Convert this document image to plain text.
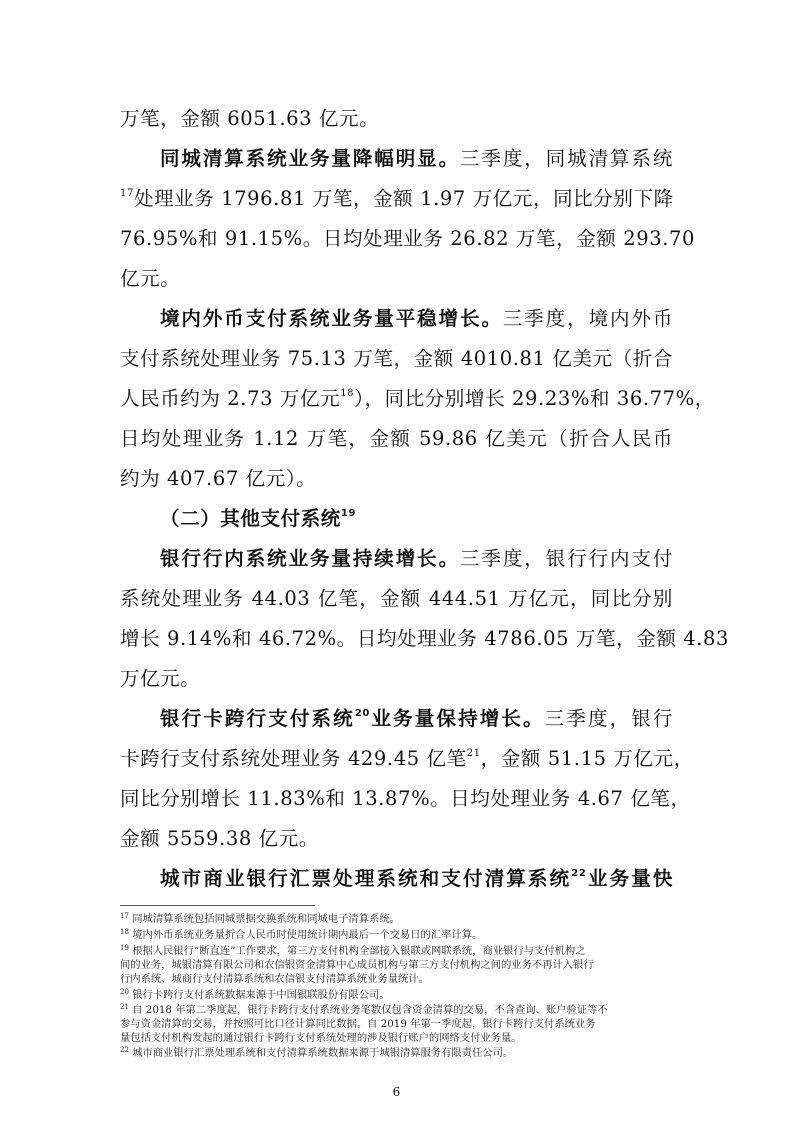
万笔，金额 6051.63 亿元。
同城清算系统业务量降幅明显。三季度，同城清算系统
$^{17}$处理业务 1796.81 万笔，金额 1.97 万亿元，同比分别下降
76.95%和 91.15%。日均处理业务 26.82 万笔，金额 293.70
亿元。
境内外币支付系统业务量平稳增长。三季度，境内外币
支付系统处理业务 75.13 万笔，金额 4010.81 亿美元（折合
人民币约为 2.73 万亿元$^{18}$），同比分别增长 29.23%和 36.77%，
日均处理业务 1.12 万笔，金额 59.86 亿美元（折合人民币
约为 407.67 亿元）。
（二）其他支付系统$^{19}$
银行行内系统业务量持续增长。三季度，银行行内支付
系统处理业务 44.03 亿笔，金额 444.51 万亿元，同比分别
增长 9.14%和 46.72%。日均处理业务 4786.05 万笔，金额 4.83
万亿元。
银行卡跨行支付系统$^{20}$业务量保持增长。三季度，银行
卡跨行支付系统处理业务 429.45 亿笔$^{21}$，金额 51.15 万亿元，
同比分别增长 11.83%和 13.87%。日均处理业务 4.67 亿笔，
金额 5559.38 亿元。
城市商业银行汇票处理系统和支付清算系统$^{22}$业务量快
$^{17}$ 同城清算系统包括同城票据交换系统和同城电子清算系统。
$^{18}$ 境内外币系统业务量折合人民币时使用统计期内最后一个交易日的汇率计算。
$^{19}$ 根据人民银行“断直连”工作要求，第三方支付机构全部接入银联或网联系统，商业银行与支付机构之
间的业务，城银清算有限公司和农信银资金清算中心成员机构与第三方支付机构之间的业务不再计入银行
行内系统、城商行支付清算系统和农信银支付清算系统业务量统计。
$^{20}$ 银行卡跨行支付系统数据来源于中国银联股份有限公司。
$^{21}$ 自 2018 年第二季度起，银行卡跨行支付系统业务笔数仅包含资金清算的交易，不含查询、账户验证等不
参与资金清算的交易，并按照可比口径计算同比数据。自 2019 年第一季度起，银行卡跨行支付系统业务
6
量包括支付机构发起的通过银行卡跨行支付系统处理的涉及银行账户的网络支付业务量。
$^{22}$ 城市商业银行汇票处理系统和支付清算系统数据来源于城银清算服务有限责任公司。
